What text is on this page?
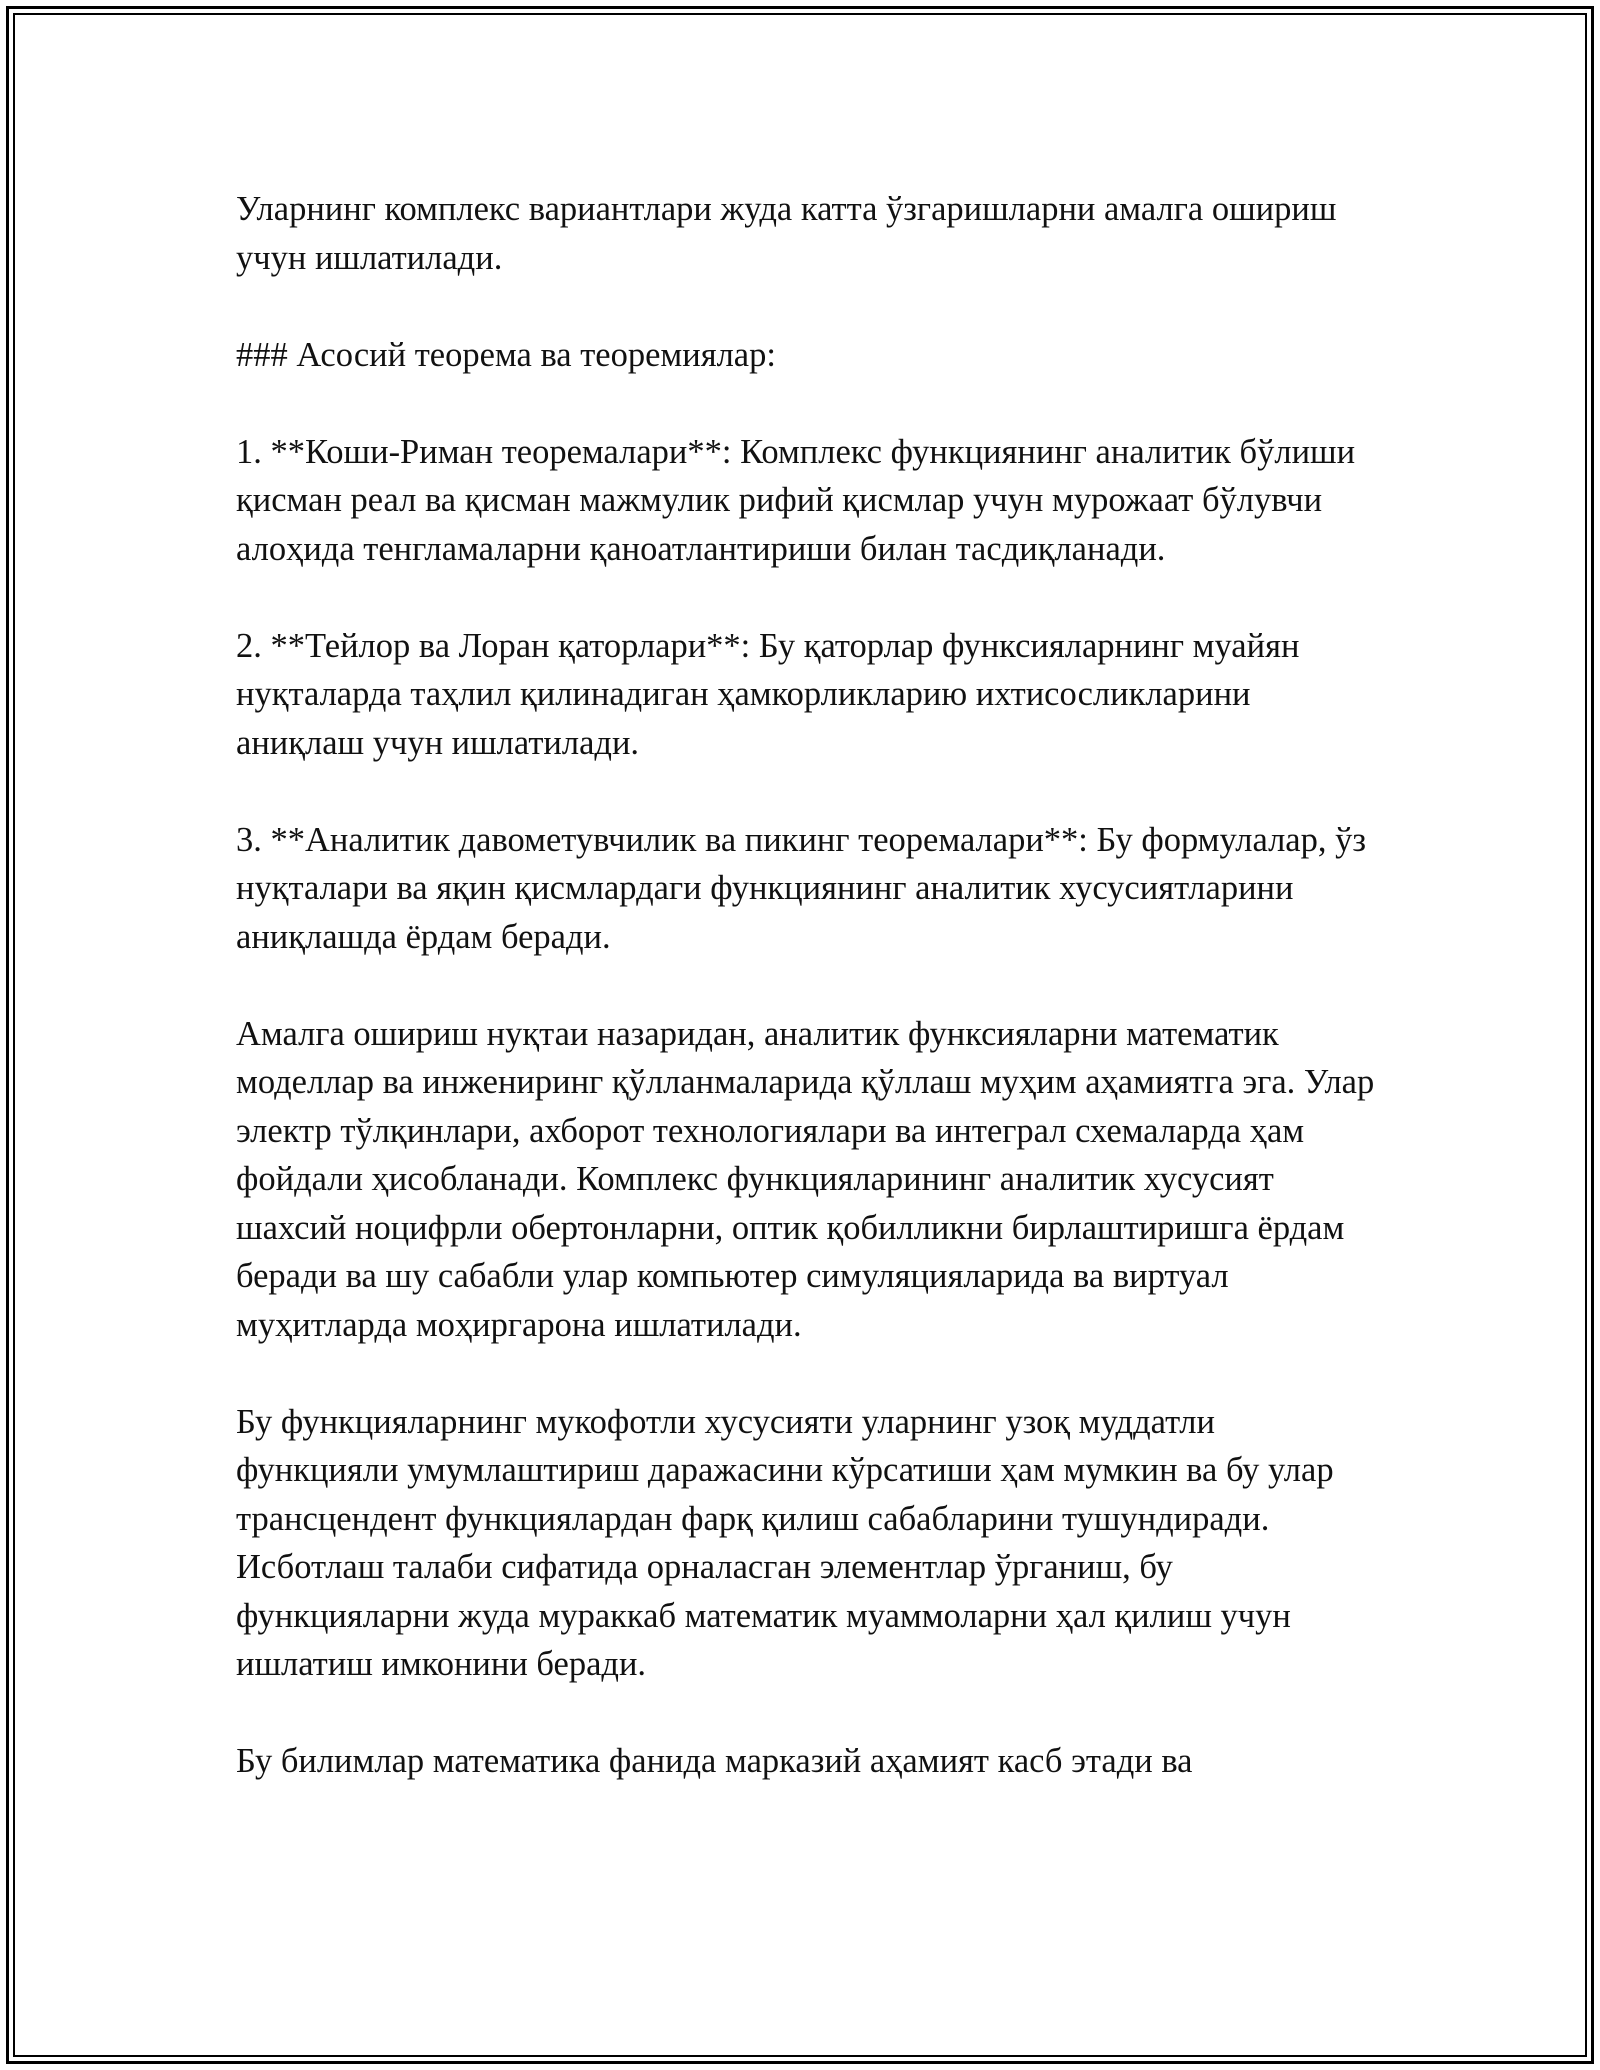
Уларнинг комплекс вариантлари жуда катта ўзгаришларни амалга ошириш учун ишлатилади.

### Асосий теорема ва теоремиялар:

1. **Коши-Риман теоремалари**: Комплекс функциянинг аналитик бўлиши қисман реал ва қисман мажмулик рифий қисмлар учун мурожаат бўлувчи алоҳида тенгламаларни қаноатлантириши билан тасдиқланади.

2. **Тейлор ва Лоран қаторлари**: Бу қаторлар функсияларнинг муайян нуқталарда таҳлил қилинадиган ҳамкорликларию ихтисосликларини аниқлаш учун ишлатилади.

3. **Аналитик давометувчилик ва пикинг теоремалари**: Бу формулалар, ўз нуқталари ва яқин қисмлардаги функциянинг аналитик хусусиятларини аниқлашда ёрдам беради.

Амалга ошириш нуқтаи назаридан, аналитик функсияларни математик моделлар ва инжениринг қўлланмаларида қўллаш муҳим аҳамиятга эга. Улар электр тўлқинлари, ахборот технологиялари ва интеграл схемаларда ҳам фойдали ҳисобланади. Комплекс функцияларининг аналитик хусусият шахсий ноцифрли обертонларни, оптик қобилликни бирлаштиришга ёрдам беради ва шу сабабли улар компьютер симуляцияларида ва виртуал муҳитларда моҳиргарона ишлатилади.

Бу функцияларнинг мукофотли хусусияти уларнинг узоқ муддатли функцияли умумлаштириш даражасини кўрсатиши ҳам мумкин ва бу улар трансцендент функциялардан фарқ қилиш сабабларини тушундиради. Исботлаш талаби сифатида орналасган элементлар ўрганиш, бу функцияларни жуда мураккаб математик муаммоларни ҳал қилиш учун ишлатиш имконини беради.

Бу билимлар математика фанида марказий аҳамият касб этади ва
